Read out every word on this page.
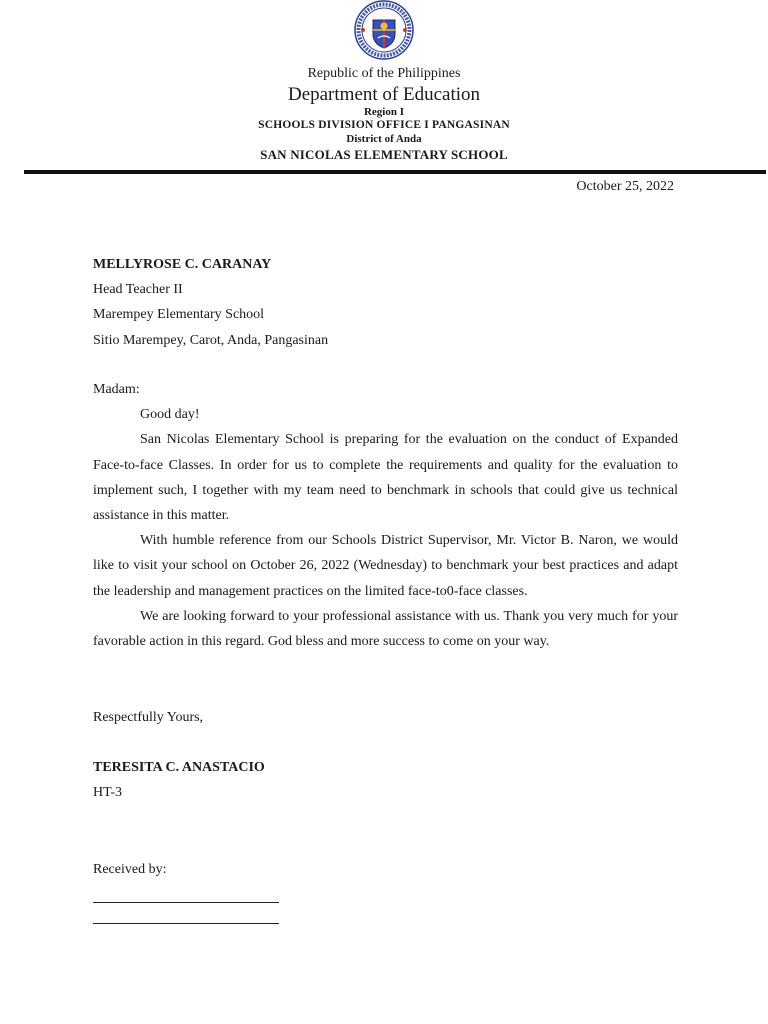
Republic of the Philippines
Department of Education
Region I
SCHOOLS DIVISION OFFICE I PANGASINAN
District of Anda
SAN NICOLAS ELEMENTARY SCHOOL
October 25, 2022
MELLYROSE C. CARANAY
Head Teacher II
Marempey Elementary School
Sitio Marempey, Carot, Anda, Pangasinan
Madam:
Good day!
San Nicolas Elementary School is preparing for the evaluation on the conduct of Expanded Face-to-face Classes. In order for us to complete the requirements and quality for the evaluation to implement such, I together with my team need to benchmark in schools that could give us technical assistance in this matter.
With humble reference from our Schools District Supervisor, Mr. Victor B. Naron, we would like to visit your school on October 26, 2022 (Wednesday) to benchmark your best practices and adapt the leadership and management practices on the limited face-to0-face classes.
We are looking forward to your professional assistance with us. Thank you very much for your favorable action in this regard. God bless and more success to come on your way.
Respectfully Yours,
TERESITA C. ANASTACIO
HT-3
Received by:
